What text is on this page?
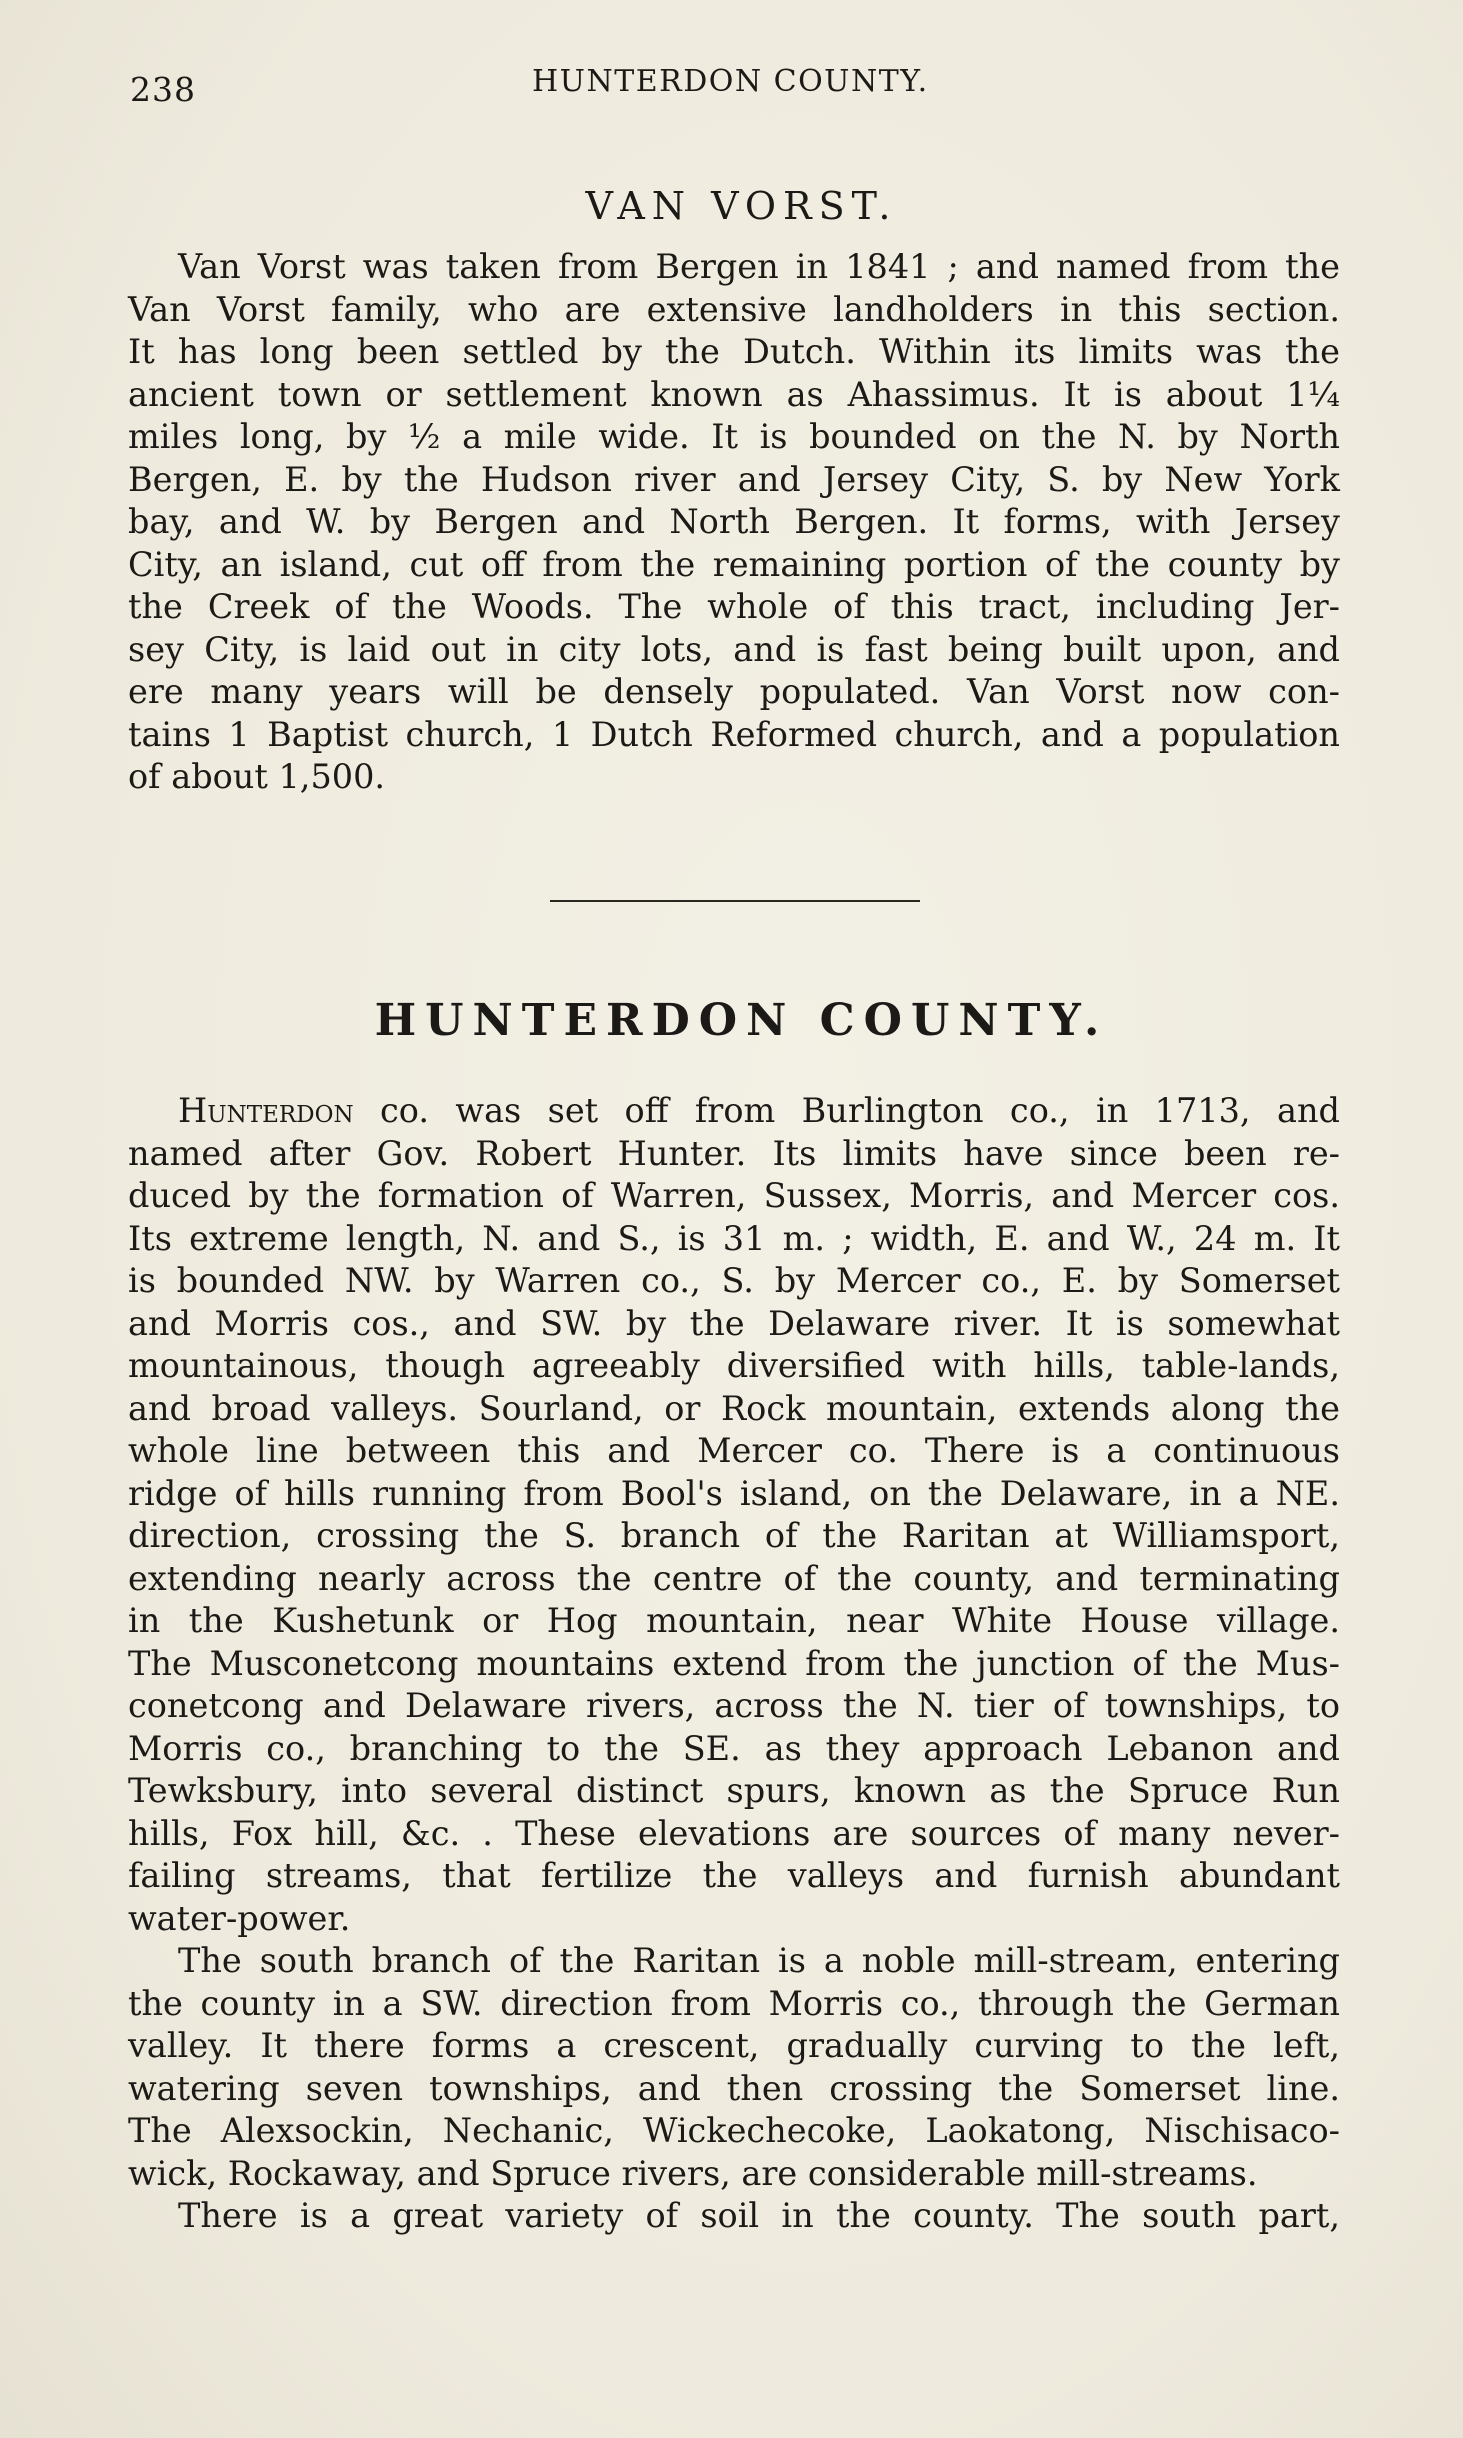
238	HUNTERDON COUNTY.
VAN VORST.
Van Vorst was taken from Bergen in 1841 ; and named from the
Van Vorst family, who are extensive landholders in this section.
It has long been settled by the Dutch. Within its limits was the
ancient town or settlement known as Ahassimus. It is about 1¼
miles long, by ½ a mile wide. It is bounded on the N. by North
Bergen, E. by the Hudson river and Jersey City, S. by New York
bay, and W. by Bergen and North Bergen. It forms, with Jersey
City, an island, cut off from the remaining portion of the county by
the Creek of the Woods. The whole of this tract, including Jer-
sey City, is laid out in city lots, and is fast being built upon, and
ere many years will be densely populated. Van Vorst now con-
tains 1 Baptist church, 1 Dutch Reformed church, and a population
of about 1,500.
HUNTERDON COUNTY.
Hunterdon co. was set off from Burlington co., in 1713, and
named after Gov. Robert Hunter. Its limits have since been re-
duced by the formation of Warren, Sussex, Morris, and Mercer cos.
Its extreme length, N. and S., is 31 m. ; width, E. and W., 24 m. It
is bounded NW. by Warren co., S. by Mercer co., E. by Somerset
and Morris cos., and SW. by the Delaware river. It is somewhat
mountainous, though agreeably diversified with hills, table-lands,
and broad valleys. Sourland, or Rock mountain, extends along the
whole line between this and Mercer co. There is a continuous
ridge of hills running from Bool's island, on the Delaware, in a NE.
direction, crossing the S. branch of the Raritan at Williamsport,
extending nearly across the centre of the county, and terminating
in the Kushetunk or Hog mountain, near White House village.
The Musconetcong mountains extend from the junction of the Mus-
conetcong and Delaware rivers, across the N. tier of townships, to
Morris co., branching to the SE. as they approach Lebanon and
Tewksbury, into several distinct spurs, known as the Spruce Run
hills, Fox hill, &c. . These elevations are sources of many never-
failing streams, that fertilize the valleys and furnish abundant
water-power.
The south branch of the Raritan is a noble mill-stream, entering
the county in a SW. direction from Morris co., through the German
valley. It there forms a crescent, gradually curving to the left,
watering seven townships, and then crossing the Somerset line.
The Alexsockin, Nechanic, Wickechecoke, Laokatong, Nischisaco-
wick, Rockaway, and Spruce rivers, are considerable mill-streams.
There is a great variety of soil in the county. The south part,
